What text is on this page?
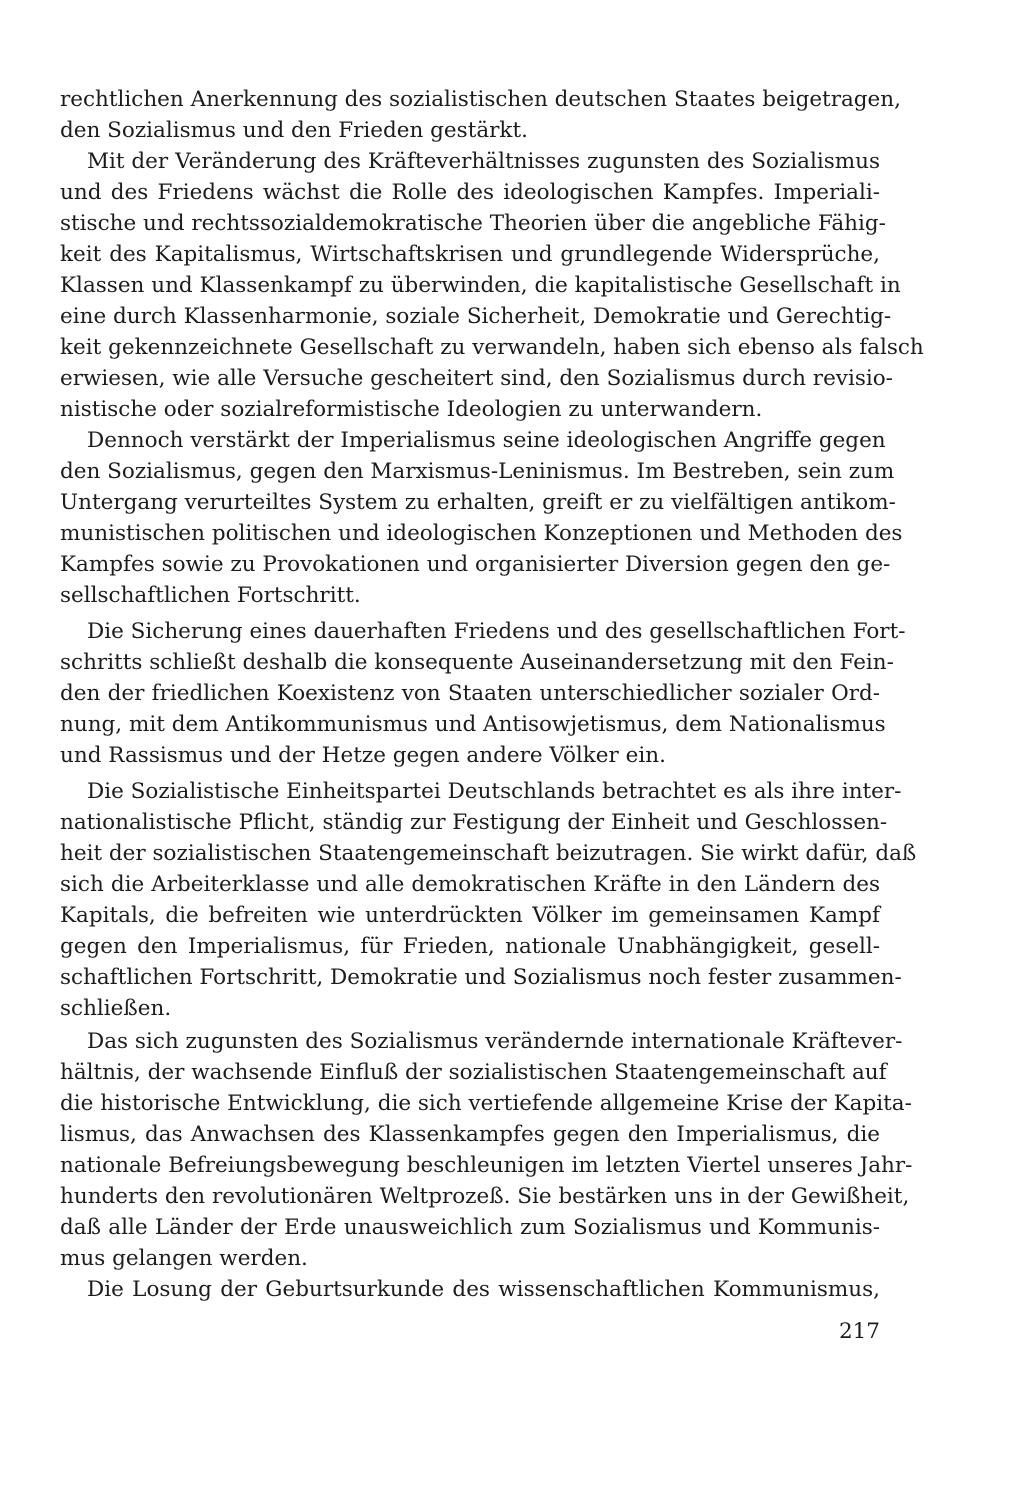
rechtlichen Anerkennung des sozialistischen deutschen Staates beigetragen,
den Sozialismus und den Frieden gestärkt.
Mit der Veränderung des Kräfteverhältnisses zugunsten des Sozialismus
und des Friedens wächst die Rolle des ideologischen Kampfes. Imperiali-
stische und rechtssozialdemokratische Theorien über die angebliche Fähig-
keit des Kapitalismus, Wirtschaftskrisen und grundlegende Widersprüche,
Klassen und Klassenkampf zu überwinden, die kapitalistische Gesellschaft in
eine durch Klassenharmonie, soziale Sicherheit, Demokratie und Gerechtig-
keit gekennzeichnete Gesellschaft zu verwandeln, haben sich ebenso als falsch
erwiesen, wie alle Versuche gescheitert sind, den Sozialismus durch revisio-
nistische oder sozialreformistische Ideologien zu unterwandern.
Dennoch verstärkt der Imperialismus seine ideologischen Angriffe gegen
den Sozialismus, gegen den Marxismus-Leninismus. Im Bestreben, sein zum
Untergang verurteiltes System zu erhalten, greift er zu vielfältigen antikom-
munistischen politischen und ideologischen Konzeptionen und Methoden des
Kampfes sowie zu Provokationen und organisierter Diversion gegen den ge-
sellschaftlichen Fortschritt.
Die Sicherung eines dauerhaften Friedens und des gesellschaftlichen Fort-
schritts schließt deshalb die konsequente Auseinandersetzung mit den Fein-
den der friedlichen Koexistenz von Staaten unterschiedlicher sozialer Ord-
nung, mit dem Antikommunismus und Antisowjetismus, dem Nationalismus
und Rassismus und der Hetze gegen andere Völker ein.
Die Sozialistische Einheitspartei Deutschlands betrachtet es als ihre inter-
nationalistische Pflicht, ständig zur Festigung der Einheit und Geschlossen-
heit der sozialistischen Staatengemeinschaft beizutragen. Sie wirkt dafür, daß
sich die Arbeiterklasse und alle demokratischen Kräfte in den Ländern des
Kapitals, die befreiten wie unterdrückten Völker im gemeinsamen Kampf
gegen den Imperialismus, für Frieden, nationale Unabhängigkeit, gesell-
schaftlichen Fortschritt, Demokratie und Sozialismus noch fester zusammen-
schließen.
Das sich zugunsten des Sozialismus verändernde internationale Kräftever-
hältnis, der wachsende Einfluß der sozialistischen Staatengemeinschaft auf
die historische Entwicklung, die sich vertiefende allgemeine Krise der Kapita-
lismus, das Anwachsen des Klassenkampfes gegen den Imperialismus, die
nationale Befreiungsbewegung beschleunigen im letzten Viertel unseres Jahr-
hunderts den revolutionären Weltprozeß. Sie bestärken uns in der Gewißheit,
daß alle Länder der Erde unausweichlich zum Sozialismus und Kommunis-
mus gelangen werden.
Die Losung der Geburtsurkunde des wissenschaftlichen Kommunismus,
217
